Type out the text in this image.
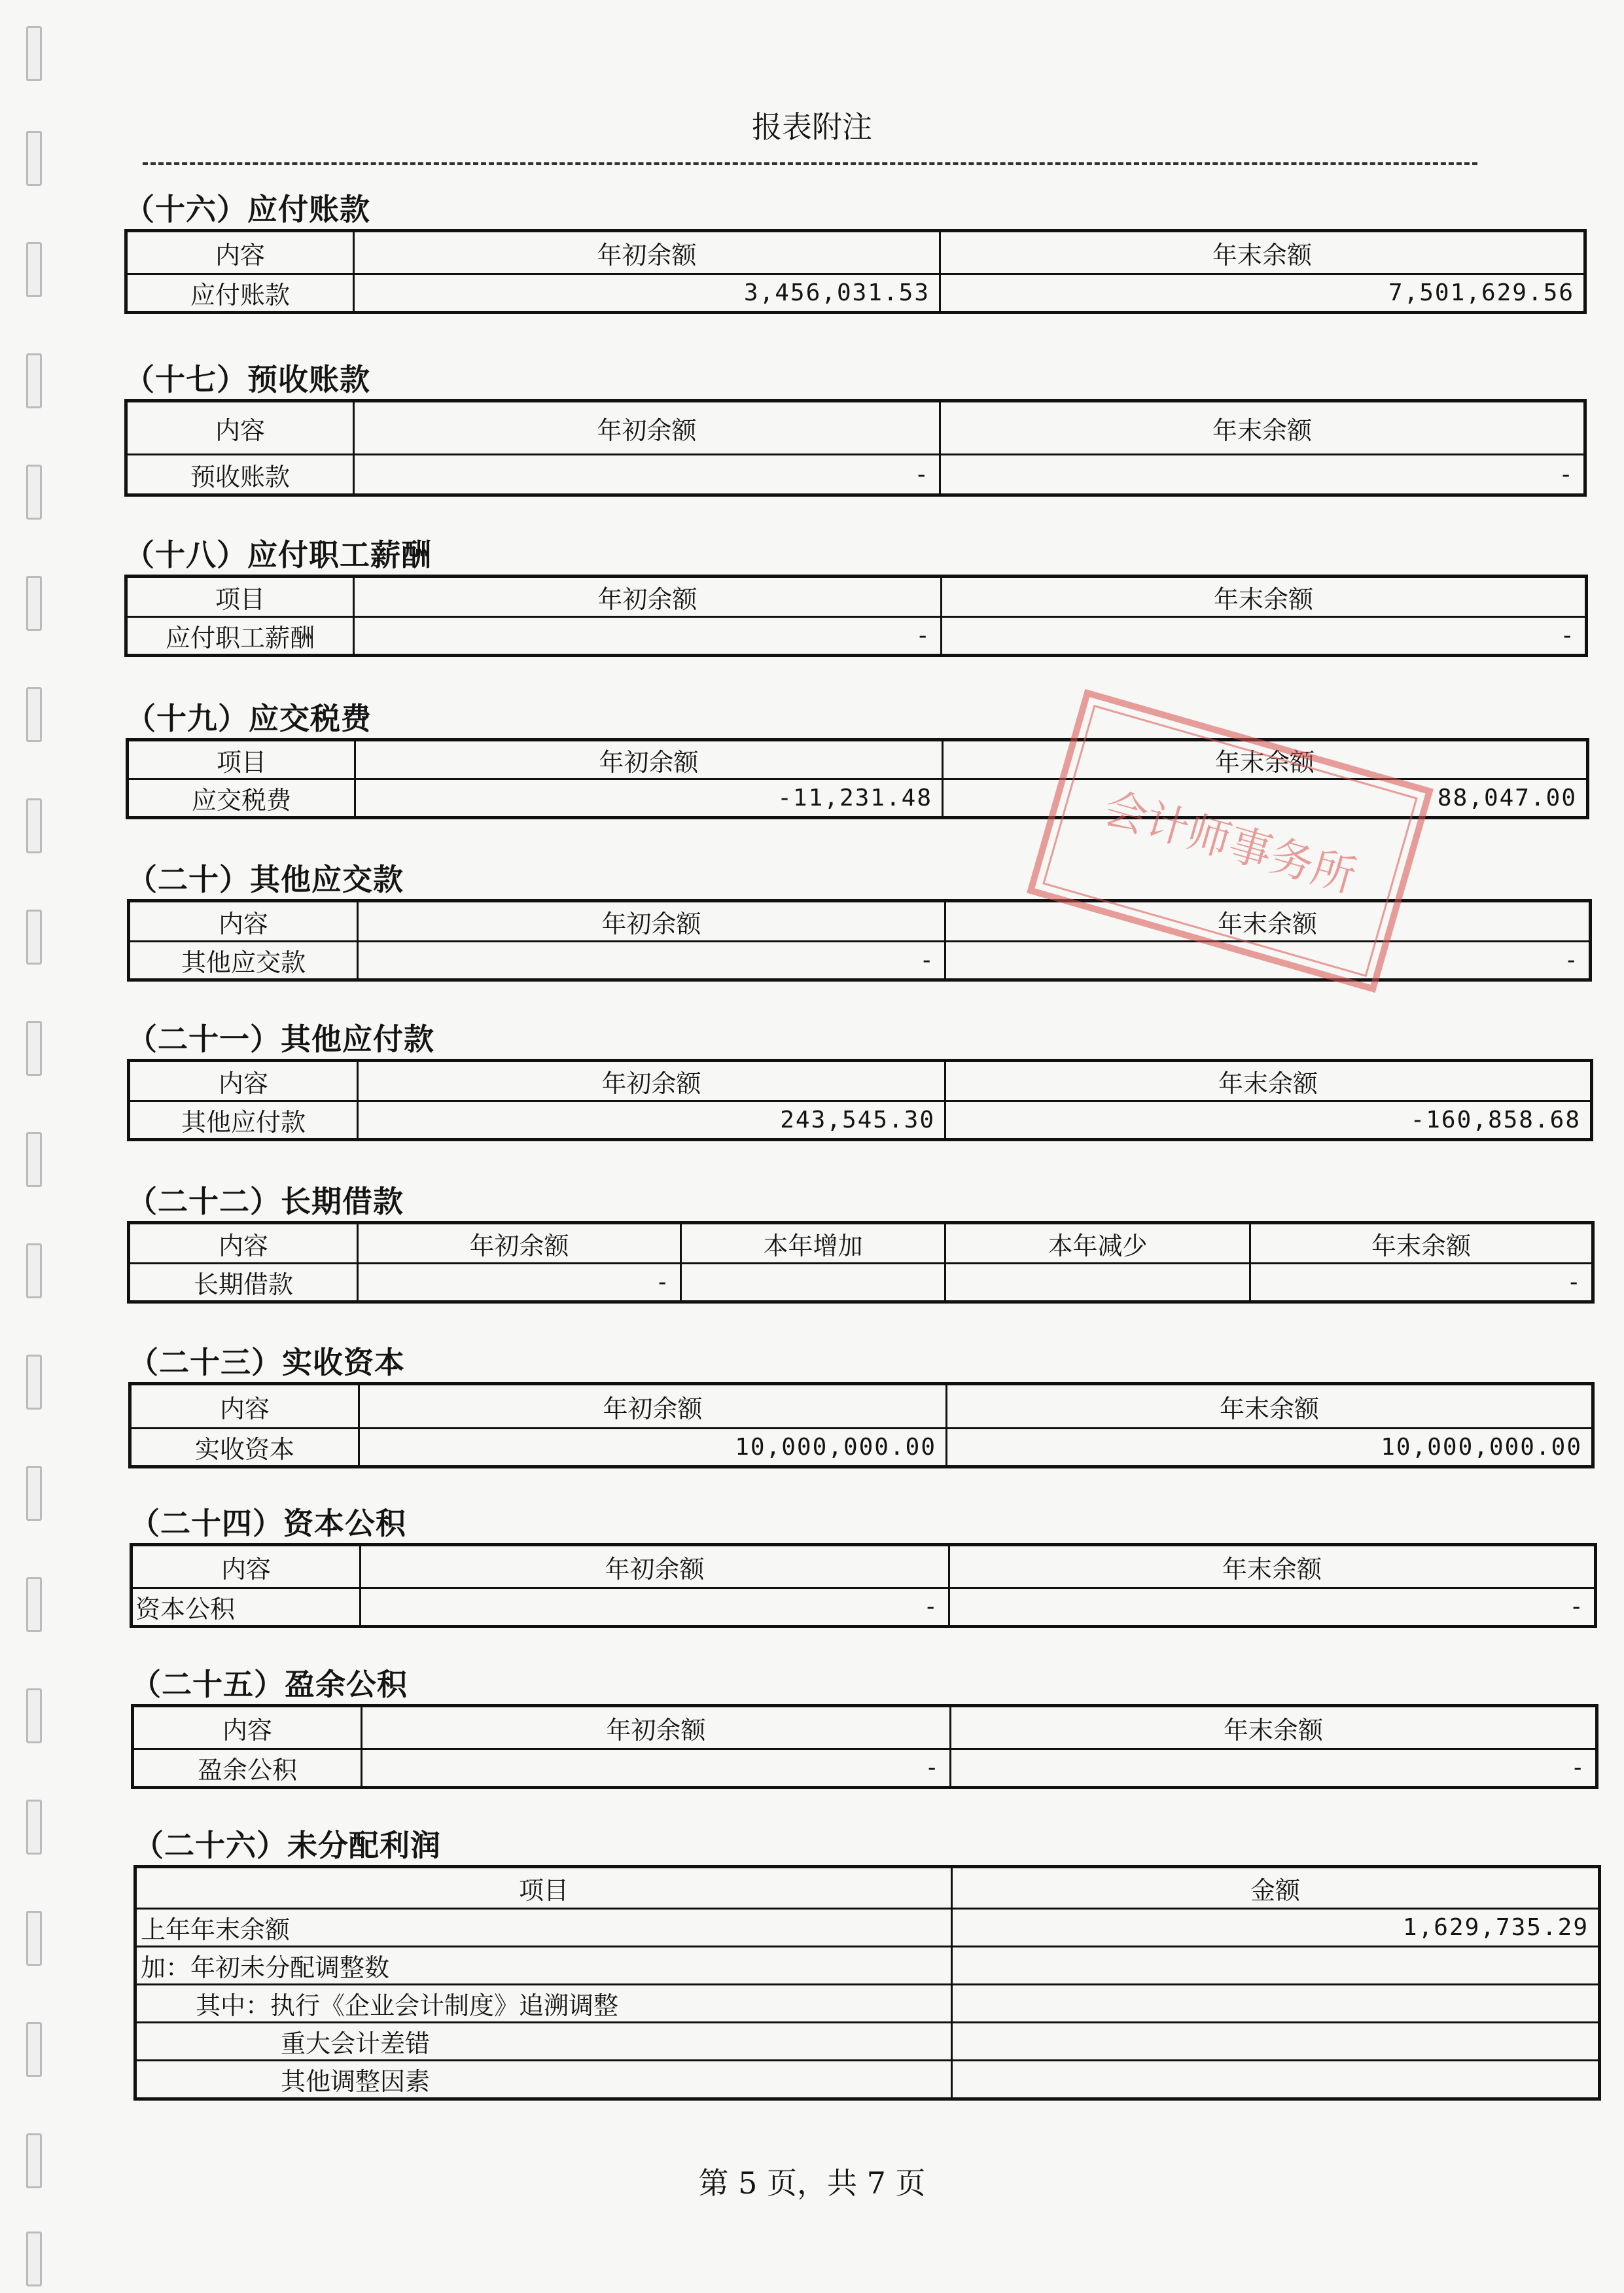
报表附注
（十六）应付账款
内容	年初余额	年末余额
应付账款	3,456,031.53	7,501,629.56
（十七）预收账款
内容	年初余额	年末余额
预收账款	-	-
（十八）应付职工薪酬
项目	年初余额	年末余额
应付职工薪酬	-	-
（十九）应交税费
项目	年初余额	年末余额
应交税费	-11,231.48	88,047.00
（二十）其他应交款
内容	年初余额	年末余额
其他应交款	-	-
（二十一）其他应付款
内容	年初余额	年末余额
其他应付款	243,545.30	-160,858.68
（二十二）长期借款
内容	年初余额	本年增加	本年减少	年末余额
长期借款	-			-
（二十三）实收资本
内容	年初余额	年末余额
实收资本	10,000,000.00	10,000,000.00
（二十四）资本公积
内容	年初余额	年末余额
资本公积	-	-
（二十五）盈余公积
内容	年初余额	年末余额
盈余公积	-	-
（二十六）未分配利润
项目	金额
上年年末余额	1,629,735.29
加：年初未分配调整数	
其中：执行《企业会计制度》追溯调整	
重大会计差错	
其他调整因素	
会计师事务所
第 5 页，共 7 页
